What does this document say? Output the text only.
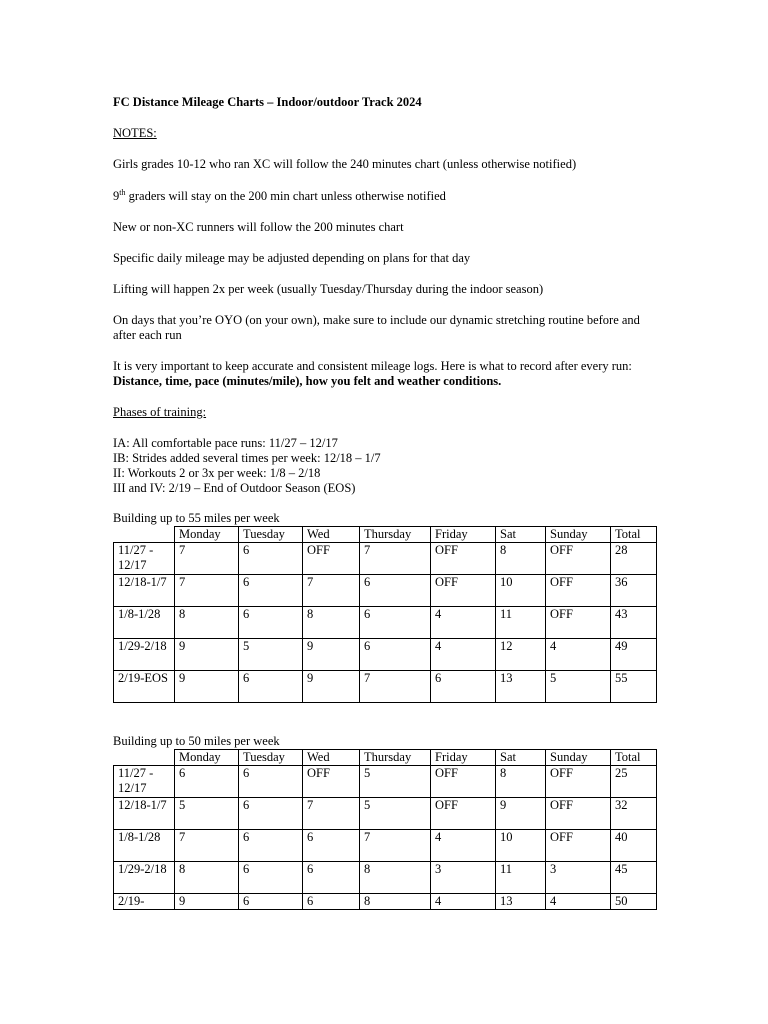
FC Distance Mileage Charts – Indoor/outdoor Track 2024

NOTES:

Girls grades 10-12 who ran XC will follow the 240 minutes chart (unless otherwise notified)

9th graders will stay on the 200 min chart unless otherwise notified

New or non-XC runners will follow the 200 minutes chart

Specific daily mileage may be adjusted depending on plans for that day

Lifting will happen 2x per week (usually Tuesday/Thursday during the indoor season)

On days that you’re OYO (on your own), make sure to include our dynamic stretching routine before and after each run

It is very important to keep accurate and consistent mileage logs. Here is what to record after every run: Distance, time, pace (minutes/mile), how you felt and weather conditions.

Phases of training:

IA: All comfortable pace runs: 11/27 – 12/17

IB: Strides added several times per week: 12/18 – 1/7

II: Workouts 2 or 3x per week: 1/8 – 2/18

III and IV: 2/19 – End of Outdoor Season (EOS)

Building up to 55 miles per week

	Monday	Tuesday	Wed	Thursday	Friday	Sat	Sunday	Total
11/27 - 12/17	7	6	OFF	7	OFF	8	OFF	28
12/18-1/7	7	6	7	6	OFF	10	OFF	36
1/8-1/28	8	6	8	6	4	11	OFF	43
1/29-2/18	9	5	9	6	4	12	4	49
2/19-EOS	9	6	9	7	6	13	5	55

Building up to 50 miles per week

	Monday	Tuesday	Wed	Thursday	Friday	Sat	Sunday	Total
11/27 - 12/17	6	6	OFF	5	OFF	8	OFF	25
12/18-1/7	5	6	7	5	OFF	9	OFF	32
1/8-1/28	7	6	6	7	4	10	OFF	40
1/29-2/18	8	6	6	8	3	11	3	45
2/19-	9	6	6	8	4	13	4	50
